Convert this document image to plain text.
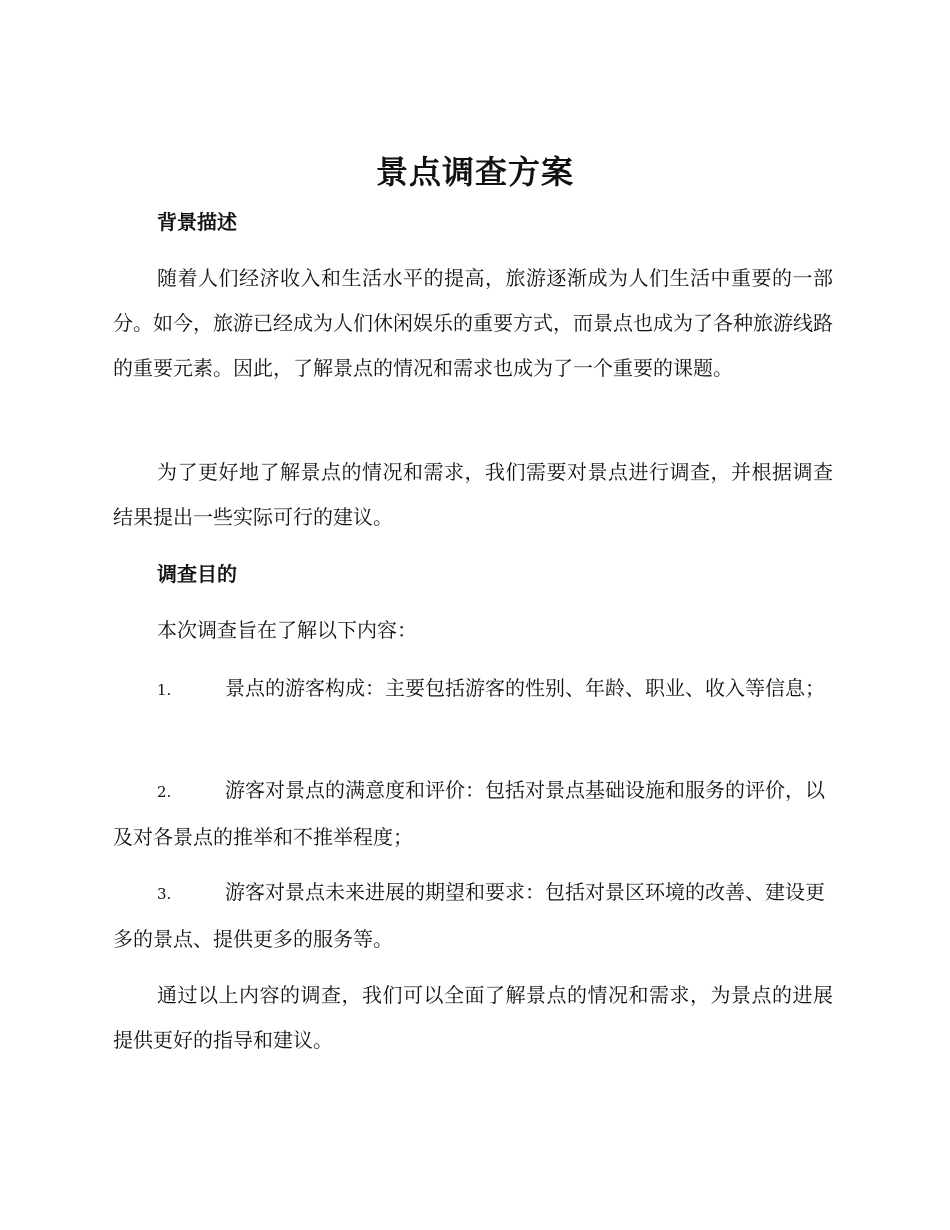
景点调查方案
背景描述

随着人们经济收入和生活水平的提高，旅游逐渐成为人们生活中重要的一部分。如今，旅游已经成为人们休闲娱乐的重要方式，而景点也成为了各种旅游线路的重要元素。因此，了解景点的情况和需求也成为了一个重要的课题。

为了更好地了解景点的情况和需求，我们需要对景点进行调查，并根据调查结果提出一些实际可行的建议。

调查目的

本次调查旨在了解以下内容：

1.	景点的游客构成：主要包括游客的性别、年龄、职业、收入等信息；
2.	游客对景点的满意度和评价：包括对景点基础设施和服务的评价，以及对各景点的推举和不推举程度；
3.	游客对景点未来进展的期望和要求：包括对景区环境的改善、建设更多的景点、提供更多的服务等。

通过以上内容的调查，我们可以全面了解景点的情况和需求，为景点的进展提供更好的指导和建议。
